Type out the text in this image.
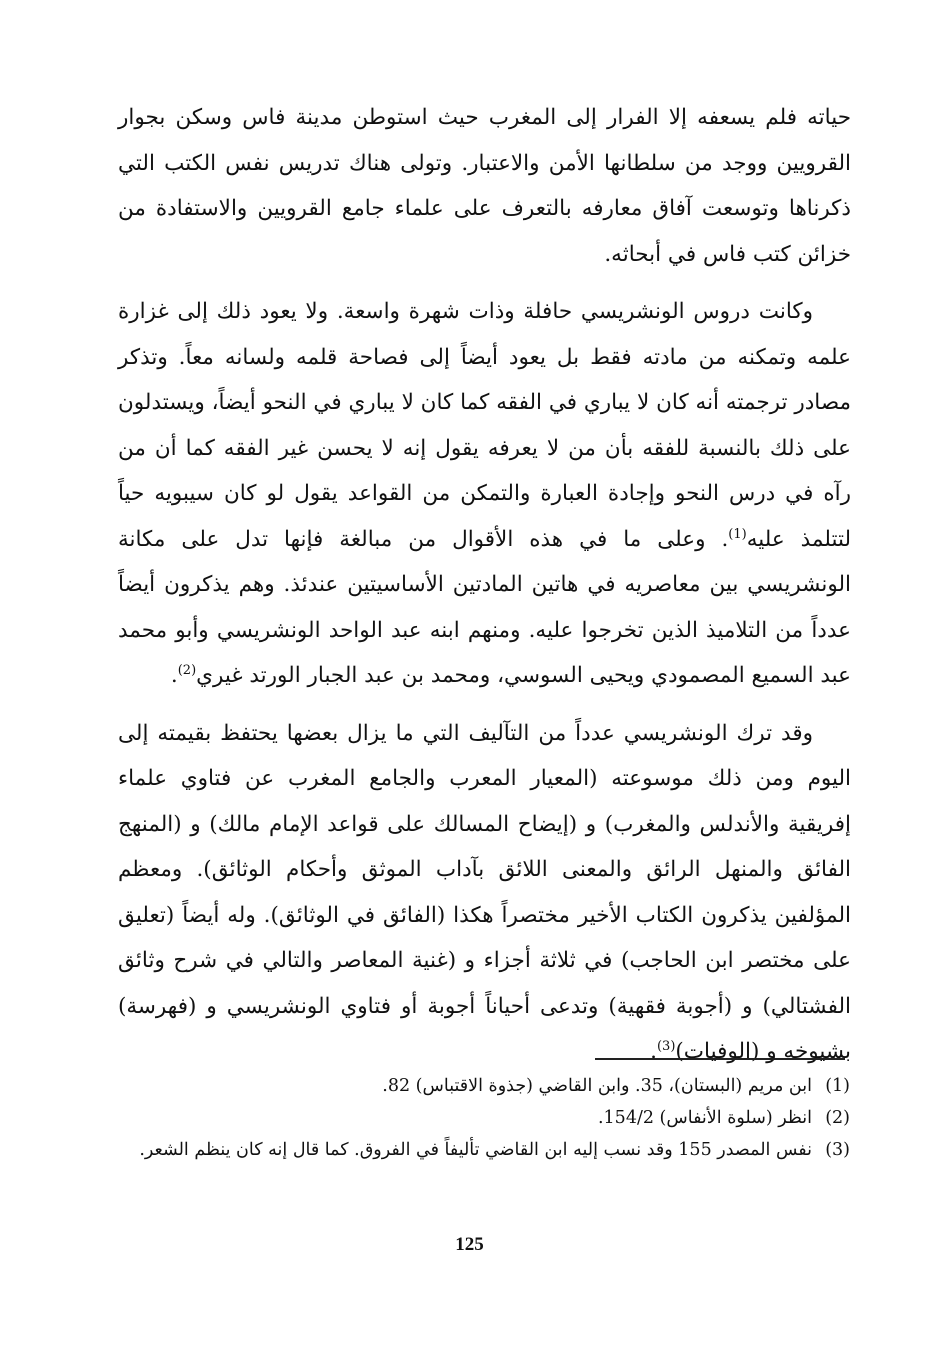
حياته فلم يسعفه إلا الفرار إلى المغرب حيث استوطن مدينة فاس وسكن بجوار القرويين ووجد من سلطانها الأمن والاعتبار. وتولى هناك تدريس نفس الكتب التي ذكرناها وتوسعت آفاق معارفه بالتعرف على علماء جامع القرويين والاستفادة من خزائن كتب فاس في أبحاثه.

وكانت دروس الونشريسي حافلة وذات شهرة واسعة. ولا يعود ذلك إلى غزارة علمه وتمكنه من مادته فقط بل يعود أيضاً إلى فصاحة قلمه ولسانه معاً. وتذكر مصادر ترجمته أنه كان لا يباري في الفقه كما كان لا يباري في النحو أيضاً، ويستدلون على ذلك بالنسبة للفقه بأن من لا يعرفه يقول إنه لا يحسن غير الفقه كما أن من رآه في درس النحو وإجادة العبارة والتمكن من القواعد يقول لو كان سيبويه حياً لتتلمذ عليه$^{(1)}$. وعلى ما في هذه الأقوال من مبالغة فإنها تدل على مكانة الونشريسي بين معاصريه في هاتين المادتين الأساسيتين عندئذ. وهم يذكرون أيضاً عدداً من التلاميذ الذين تخرجوا عليه. ومنهم ابنه عبد الواحد الونشريسي وأبو محمد عبد السميع المصمودي ويحيى السوسي، ومحمد بن عبد الجبار الورتد غيري$^{(2)}$.

وقد ترك الونشريسي عدداً من التآليف التي ما يزال بعضها يحتفظ بقيمته إلى اليوم ومن ذلك موسوعته (المعيار المعرب والجامع المغرب عن فتاوي علماء إفريقية والأندلس والمغرب) و (إيضاح المسالك على قواعد الإمام مالك) و (المنهج الفائق والمنهل الرائق والمعنى اللائق بآداب الموثق وأحكام الوثائق). ومعظم المؤلفين يذكرون الكتاب الأخير مختصراً هكذا (الفائق في الوثائق). وله أيضاً (تعليق على مختصر ابن الحاجب) في ثلاثة أجزاء و (غنية المعاصر والتالي في شرح وثائق الفشتالي) و (أجوبة فقهية) وتدعى أحياناً أجوبة أو فتاوي الونشريسي و (فهرسة) بشيوخه و (الوفيات)$^{(3)}$.

(1)
ابن مريم (البستان)، 35. وابن القاضي (جذوة الاقتباس) 82.
(2)
انظر (سلوة الأنفاس) 154/2.
(3)
نفس المصدر 155 وقد نسب إليه ابن القاضي تأليفاً في الفروق. كما قال إنه كان ينظم الشعر.
125
